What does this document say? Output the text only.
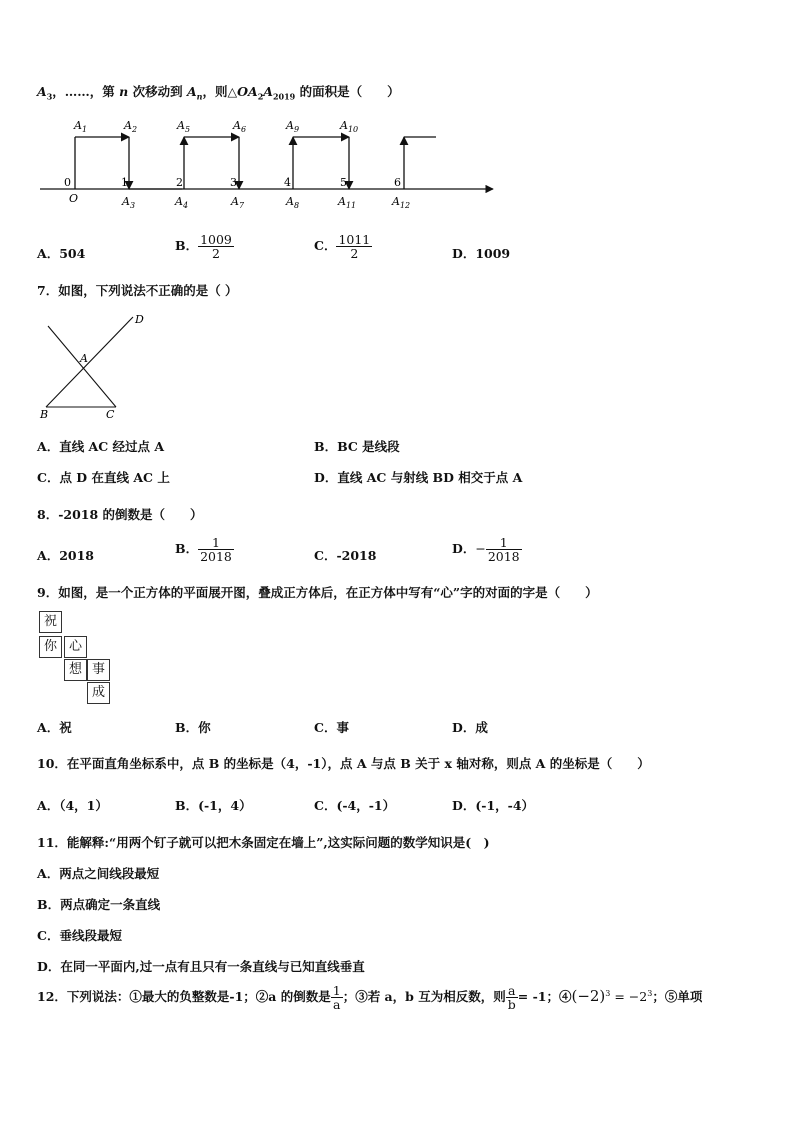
$A_3$，……，第 n 次移动到 $A_n$，则$\triangle OA_2A_{2019}$ 的面积是（　　）
$A_1$	$A_2$	$A_5$	$A_6$	$A_9$	$A_{10}$
0	1	2	3	4	5	6
O	$A_3$	$A_4$	$A_7$	$A_8$	$A_{11}$	$A_{12}$
A．504
B． $\frac{1009}{2}$	C． $\frac{1011}{2}$	D．1009
7．如图，下列说法不正确的是（ ）
D
A
B	C
A．直线 AC 经过点 A	B．BC 是线段
C．点 D 在直线 AC 上	D．直线 AC 与射线 BD 相交于点 A
8．-2018 的倒数是（　　）
A．2018	B． $\frac{1}{2018}$	C．-2018	D．− $\frac{1}{2018}$
9．如图，是一个正方体的平面展开图，叠成正方体后，在正方体中写有“心”字的对面的字是（　　）
祝
你 心
想 事
成
A．祝	B．你	C．事	D．成
10．在平面直角坐标系中，点 B 的坐标是（4，-1），点 A 与点 B 关于 x 轴对称，则点 A 的坐标是（　　）
A．（4，1）	B．(-1，4）	C．(-4，-1）	D．(-1，-4）
11．能解释:“用两个钉子就可以把木条固定在墙上”,这实际问题的数学知识是(　)
A．两点之间线段最短
B．两点确定一条直线
C．垂线段最短
D．在同一平面内,过一点有且只有一条直线与已知直线垂直
12．下列说法：①最大的负整数是-1；②a 的倒数是 $\frac{1}{a}$ ；③若 a，b 互为相反数，则 $\frac{a}{b} = -1$；$④(-2)^3 = -2^3$；⑤单项
